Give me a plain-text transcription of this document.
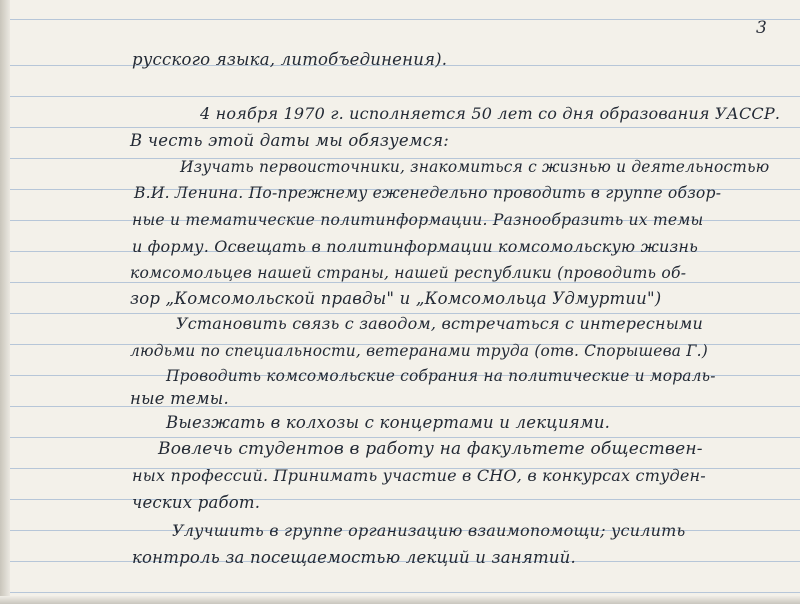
3
русского языка, литобъединения).
4 ноября 1970 г. исполняется 50 лет со дня образования УАССР.
В честь этой даты мы обязуемся:
Изучать первоисточники, знакомиться с жизнью и деятельностью
В.И. Ленина. По-прежнему еженедельно проводить в группе обзор-
ные и тематические политинформации. Разнообразить их темы
и форму. Освещать в политинформации комсомольскую жизнь
комсомольцев нашей страны, нашей республики (проводить об-
зор „Комсомольской правды" и „Комсомольца Удмуртии")
Установить связь с заводом, встречаться с интересными
людьми по специальности, ветеранами труда (отв. Спорышева Г.)
Проводить комсомольские собрания на политические и мораль-
ные темы.
Выезжать в колхозы с концертами и лекциями.
Вовлечь студентов в работу на факультете обществен-
ных профессий. Принимать участие в СНО, в конкурсах студен-
ческих работ.
Улучшить в группе организацию взаимопомощи; усилить
контроль за посещаемостью лекций и занятий.
